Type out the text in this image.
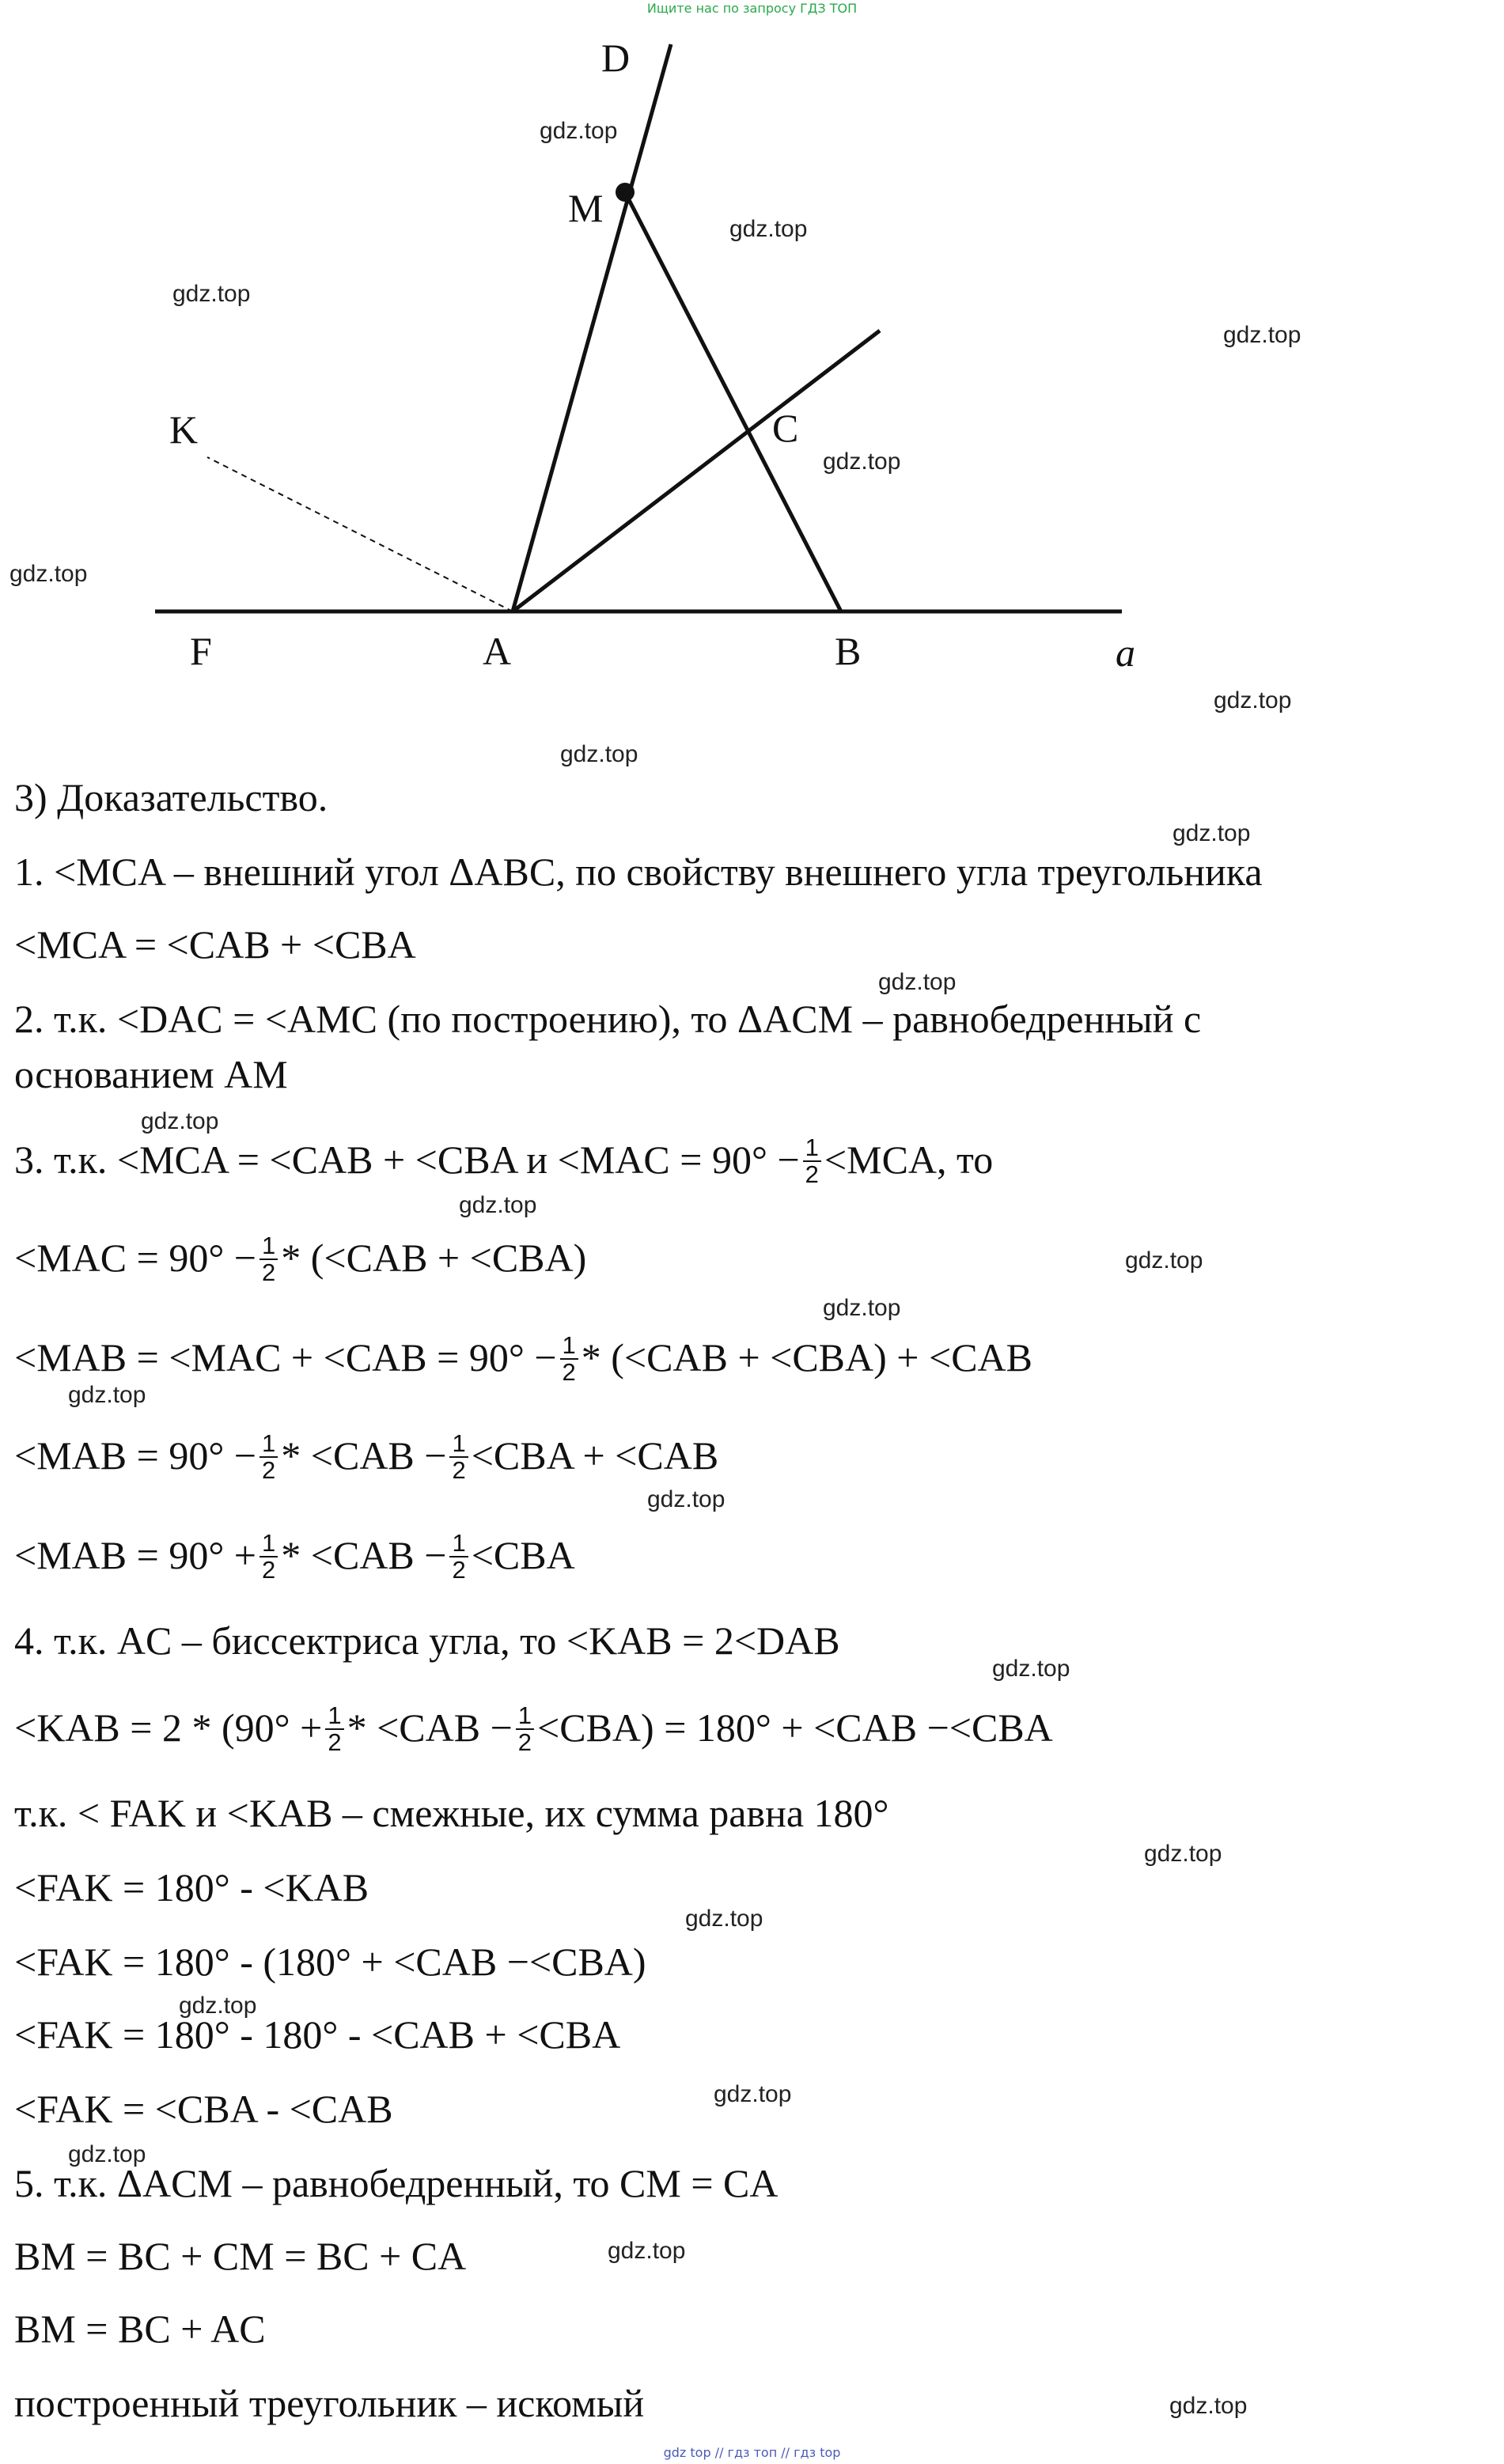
Ищите нас по запросу ГДЗ ТОП
D
M
K	C
F	A	B	a
gdz.top
gdz.top
gdz.top
gdz.top
gdz.top
gdz.top
gdz.top
gdz.top
gdz.top
gdz.top
gdz.top
gdz.top
gdz.top
gdz.top
gdz.top
gdz.top
gdz.top
gdz.top
gdz.top
gdz.top
gdz.top
gdz.top
gdz.top
gdz.top
3) Доказательство.
1. <MCA – внешний угол ΔABC, по свойству внешнего угла треугольника
<MCA = <CAB + <CBA
2. т.к. <DAC = <AMC (по построению), то ΔACM – равнобедренный с
основанием AM
3. т.к. <MCA = <CAB + <CBA $и <MAC = 90^\circ - \frac{1}{2} <MCA$, то
$<MAC = 90^\circ - \frac{1}{2} * (<CAB + <CBA)$
$<MAB = <MAC + <CAB = 90^\circ - \frac{1}{2} * (<CAB + <CBA) + <CAB$
$<MAB = 90^\circ - \frac{1}{2} * <CAB - \frac{1}{2} <CBA + <CAB$
$<MAB = 90^\circ + \frac{1}{2} * <CAB - \frac{1}{2} <CBA$
4. т.к. AC – биссектриса угла, то <KAB = 2<DAB
$<KAB = 2 * (90^\circ + \frac{1}{2} * <CAB - \frac{1}{2} <CBA) = 180^\circ + <CAB -<CBA$
т.к. < FAK и <KAB – смежные, их сумма равна 180°
<FAK = 180° - <KAB
<FAK = 180° - (180° + <CAB −<CBA)
<FAK = 180° - 180° - <CAB + <CBA
<FAK = <CBA - <CAB
5. т.к. ΔACM – равнобедренный, то CM = CA
BM = BC + CM = BC + CA
BM = BC + AC
построенный треугольник – искомый
gdz top // гдз топ // гдз top
